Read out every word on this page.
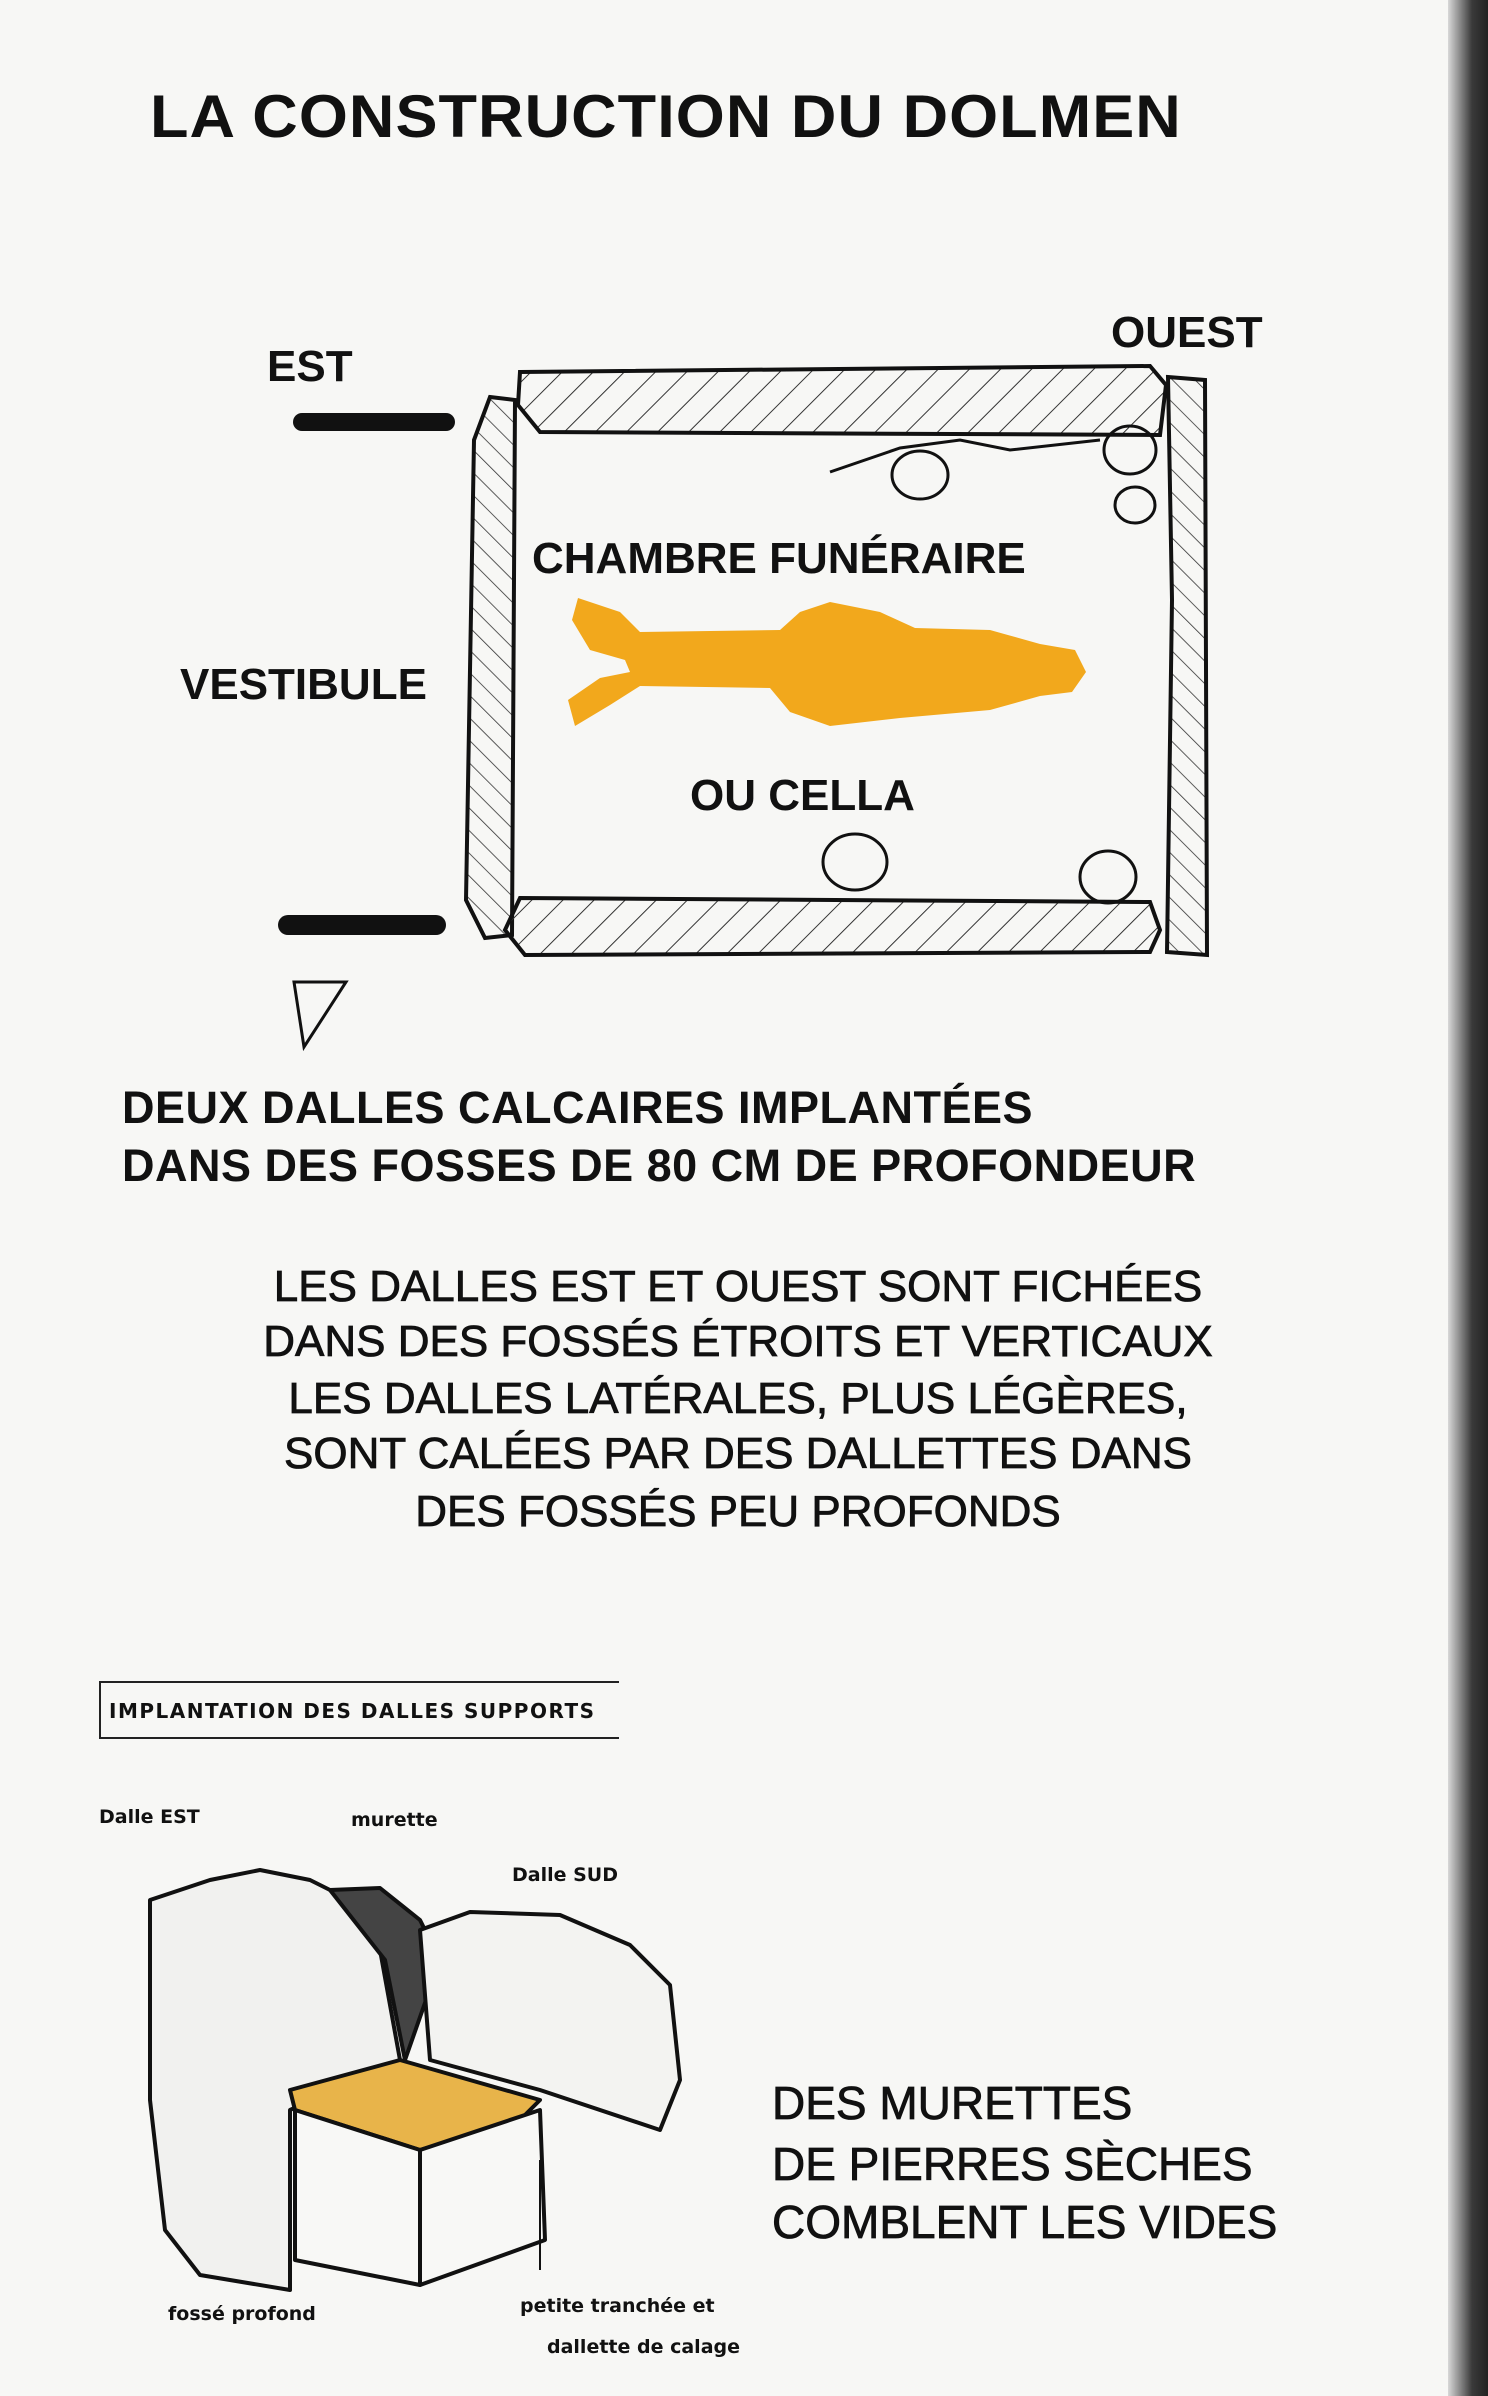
LA CONSTRUCTION DU DOLMEN
EST
OUEST
VESTIBULE
CHAMBRE FUNÉRAIRE
OU CELLA
DEUX DALLES CALCAIRES IMPLANTÉES
DANS DES FOSSES DE 80 CM DE PROFONDEUR
LES DALLES EST ET OUEST SONT FICHÉES
DANS DES FOSSÉS ÉTROITS ET VERTICAUX
LES DALLES LATÉRALES, PLUS LÉGÈRES,
SONT CALÉES PAR DES DALLETTES DANS
DES FOSSÉS PEU PROFONDS
IMPLANTATION DES DALLES SUPPORTS
Dalle EST	murette
Dalle SUD
fossé profond	petite tranchée et
dallette de calage
DES MURETTES
DE PIERRES SÈCHES
COMBLENT LES VIDES
